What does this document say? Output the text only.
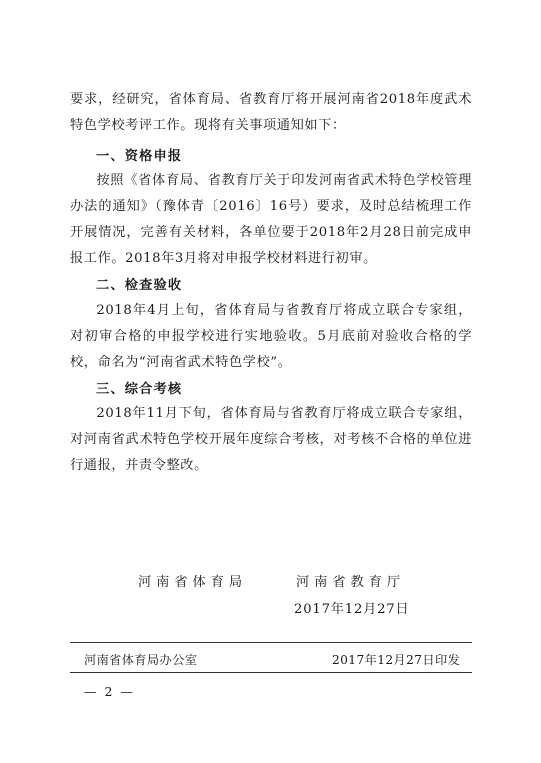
要求，经研究，省体育局、省教育厅将开展河南省2018年度武术特色学校考评工作。现将有关事项通知如下：

一、资格申报

按照《省体育局、省教育厅关于印发河南省武术特色学校管理办法的通知》（豫体青〔2016〕16号）要求，及时总结梳理工作开展情况，完善有关材料，各单位要于2018年2月28日前完成申报工作。2018年3月将对申报学校材料进行初审。

二、检查验收

2018年4月上旬，省体育局与省教育厅将成立联合专家组，对初审合格的申报学校进行实地验收。5月底前对验收合格的学校，命名为“河南省武术特色学校”。

三、综合考核

2018年11月下旬，省体育局与省教育厅将成立联合专家组，对河南省武术特色学校开展年度综合考核，对考核不合格的单位进行通报，并责令整改。

河南省体育局	河南省教育厅

2017年12月27日

河南省体育局办公室	2017年12月27日印发

— 2 —
